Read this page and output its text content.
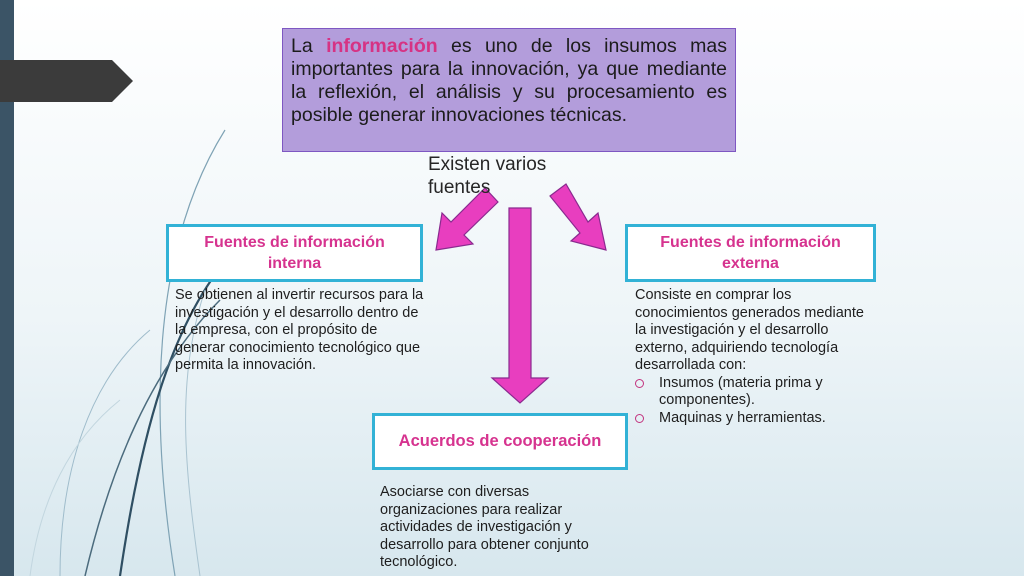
La información es uno de los insumos mas importantes para la innovación, ya que mediante la reflexión, el análisis y su procesamiento es posible generar innovaciones técnicas.
Existen varios fuentes
Fuentes de información interna
Se obtienen al invertir recursos para la investigación y el desarrollo dentro de la empresa, con el propósito de generar conocimiento tecnológico que permita la innovación.
Fuentes de información externa
Consiste en comprar los conocimientos generados mediante la investigación y el desarrollo externo, adquiriendo tecnología desarrollada con:
Insumos (materia prima y componentes).
Maquinas y herramientas.
Acuerdos de cooperación
Asociarse con diversas organizaciones para realizar actividades de investigación y desarrollo para obtener conjunto tecnológico.
